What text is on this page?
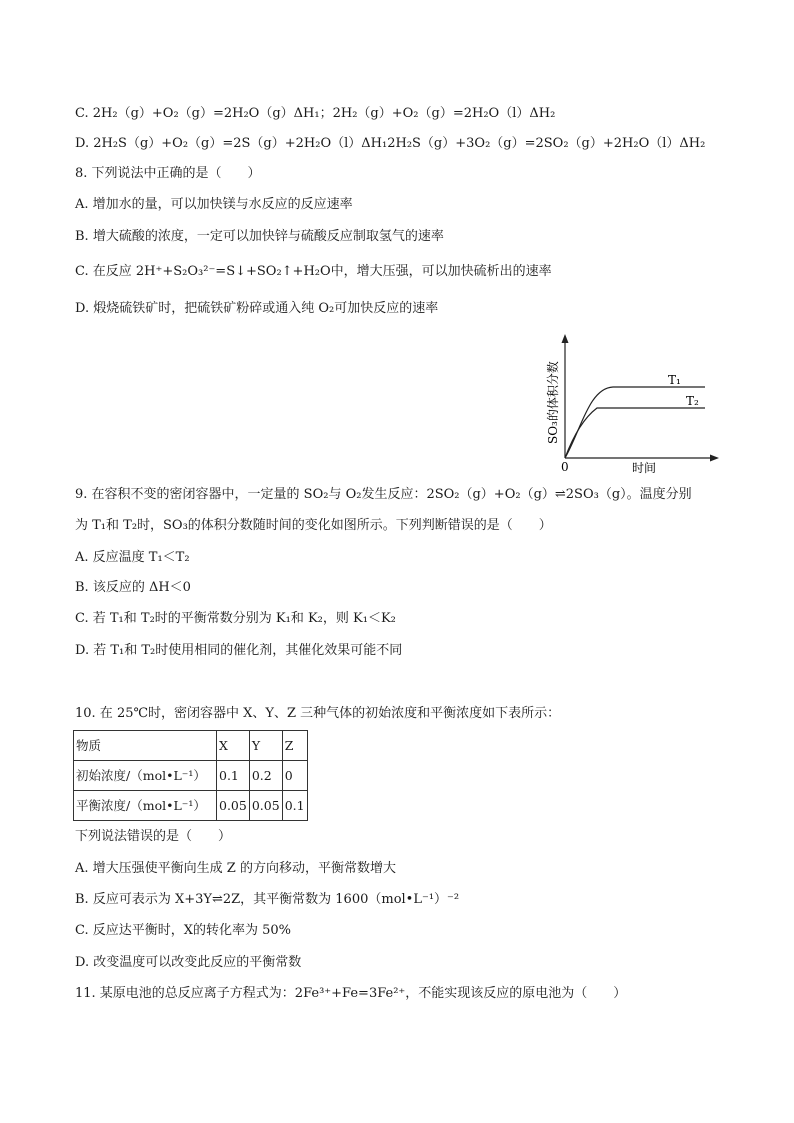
C. 2H₂（g）+O₂（g）=2H₂O（g）ΔH₁；2H₂（g）+O₂（g）=2H₂O（l）ΔH₂
D. 2H₂S（g）+O₂（g）=2S（g）+2H₂O（l）ΔH₁2H₂S（g）+3O₂（g）=2SO₂（g）+2H₂O（l）ΔH₂
8. 下列说法中正确的是（　　）
A. 增加水的量，可以加快镁与水反应的反应速率
B. 增大硫酸的浓度，一定可以加快锌与硫酸反应制取氢气的速率
C. 在反应 2H⁺+S₂O₃²⁻=S↓+SO₂↑+H₂O中，增大压强，可以加快硫析出的速率
D. 煅烧硫铁矿时，把硫铁矿粉碎或通入纯 O₂可加快反应的速率
T₁
T₂
0	时间
SO₃的体积分数
9. 在容积不变的密闭容器中，一定量的 SO₂与 O₂发生反应：2SO₂（g）+O₂（g）⇌2SO₃（g）。温度分别
为 T₁和 T₂时，SO₃的体积分数随时间的变化如图所示。下列判断错误的是（　　）
A. 反应温度 T₁＜T₂
B. 该反应的 ΔH＜0
C. 若 T₁和 T₂时的平衡常数分别为 K₁和 K₂，则 K₁＜K₂
D. 若 T₁和 T₂时使用相同的催化剂，其催化效果可能不同
10. 在 25℃时，密闭容器中 X、Y、Z 三种气体的初始浓度和平衡浓度如下表所示：
物质	X	Y	Z
初始浓度/（mol•L⁻¹）	0.1	0.2	0
平衡浓度/（mol•L⁻¹）	0.05	0.05	0.1
下列说法错误的是（　　）
A. 增大压强使平衡向生成 Z 的方向移动，平衡常数增大
B. 反应可表示为 X+3Y⇌2Z，其平衡常数为 1600（mol•L⁻¹）⁻²
C. 反应达平衡时，X的转化率为 50%
D. 改变温度可以改变此反应的平衡常数
11. 某原电池的总反应离子方程式为：2Fe³⁺+Fe=3Fe²⁺，不能实现该反应的原电池为（　　）
